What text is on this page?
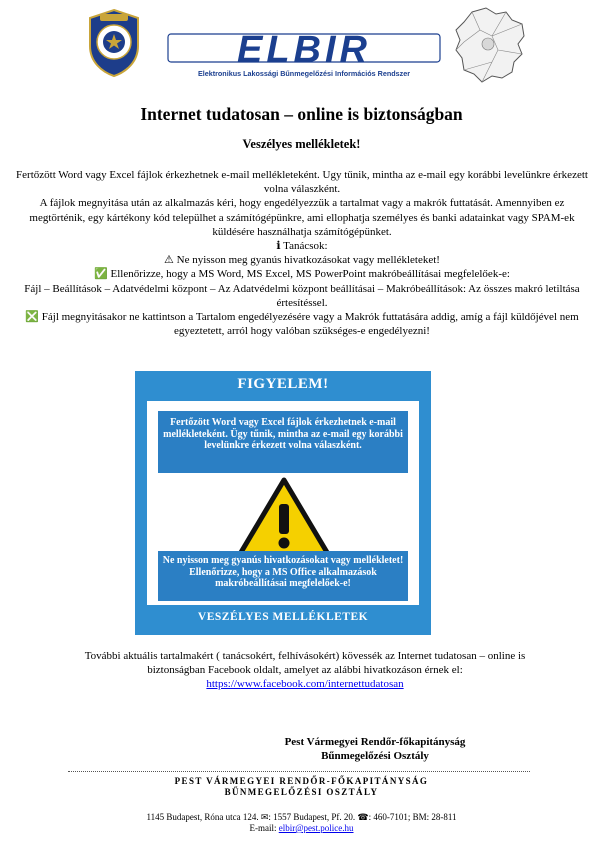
ELBIR
Elektronikus Lakossági Bűnmegelőzési Információs Rendszer
Internet tudatosan – online is biztonságban
Veszélyes mellékletek!

Fertőzött Word vagy Excel fájlok érkezhetnek e-mail mellékleteként. Ugy tűnik, mintha az e-mail egy korábbi levelünkre érkezett volna válaszként.

A fájlok megnyitása után az alkalmazás kéri, hogy engedélyezzük a tartalmat vagy a makrók futtatását. Amennyiben ez megtörténik, egy kártékony kód települhet a számítógépünkre, ami ellophatja személyes és banki adatainkat vagy SPAM-ek küldésére használhatja számítógépünket.

ℹ Tanácsok:

⚠ Ne nyisson meg gyanús hivatkozásokat vagy mellékleteket!

✅ Ellenőrizze, hogy a MS Word, MS Excel, MS PowerPoint makróbeállításai megfelelőek-e:

Fájl – Beállítások – Adatvédelmi központ – Az Adatvédelmi központ beállításai – Makróbeállítások: Az összes makró letiltása értesítéssel.

❎ Fájl megnyitásakor ne kattintson a Tartalom engedélyezésére vagy a Makrók futtatására addig, amíg a fájl küldőjével nem egyeztetett, arról hogy valóban szükséges-e engedélyezni!

FIGYELEM!
Fertőzött Word vagy Excel fájlok érkezhetnek e-mail mellékleteként. Ügy tűnik, mintha az e-mail egy korábbi levelünkre érkezett volna válaszként.
Ne nyisson meg gyanús hivatkozásokat vagy mellékletet! Ellenőrizze, hogy a MS Office alkalmazások makróbeállításai megfelelőek-e!
VESZÉLYES MELLÉKLETEK

További aktuális tartalmakért ( tanácsokért, felhívásokért) kövessék az Internet tudatosan – online is biztonságban Facebook oldalt, amelyet az alábbi hivatkozáson érnek el:

https://www.facebook.com/internettudatosan

Pest Vármegyei Rendőr-főkapitányság
Bűnmegelőzési Osztály
PEST VÁRMEGYEI RENDŐR-FŐKAPITÁNYSÁG
BŰNMEGELŐZÉSI OSZTÁLY
1145 Budapest, Róna utca 124. ✉: 1557 Budapest, Pf. 20. ☎: 460-7101; BM: 28-811
E-mail: elbir@pest.police.hu
